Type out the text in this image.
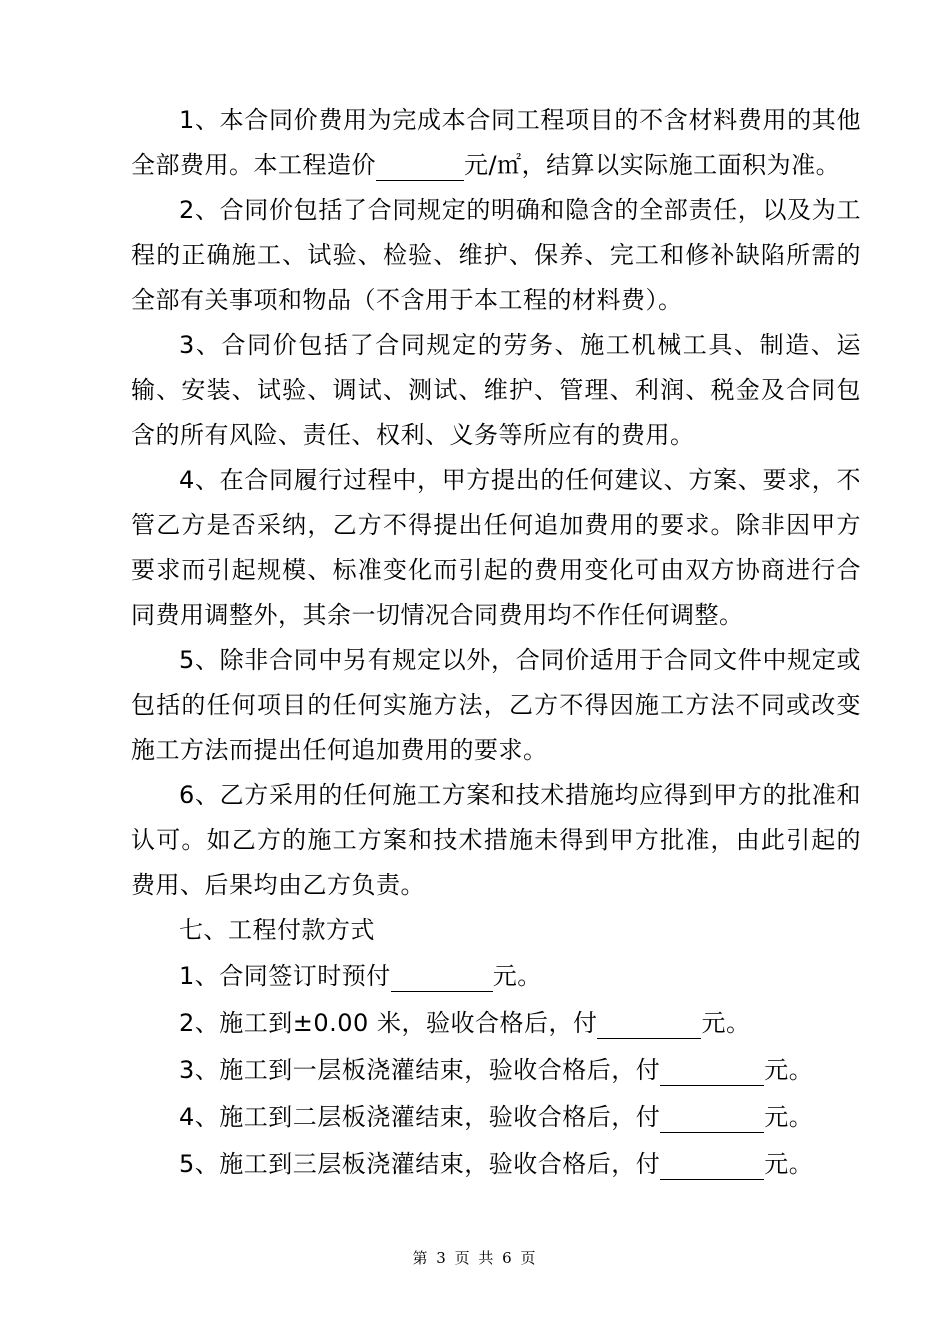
1、本合同价费用为完成本合同工程项目的不含材料费用的其他全部费用。本工程造价	元/㎡，结算以实际施工面积为准。

2、合同价包括了合同规定的明确和隐含的全部责任，以及为工程的正确施工、试验、检验、维护、保养、完工和修补缺陷所需的全部有关事项和物品（不含用于本工程的材料费）。

3、合同价包括了合同规定的劳务、施工机械工具、制造、运输、安装、试验、调试、测试、维护、管理、利润、税金及合同包含的所有风险、责任、权利、义务等所应有的费用。

4、在合同履行过程中，甲方提出的任何建议、方案、要求，不管乙方是否采纳，乙方不得提出任何追加费用的要求。除非因甲方要求而引起规模、标准变化而引起的费用变化可由双方协商进行合同费用调整外，其余一切情况合同费用均不作任何调整。

5、除非合同中另有规定以外，合同价适用于合同文件中规定或包括的任何项目的任何实施方法，乙方不得因施工方法不同或改变施工方法而提出任何追加费用的要求。

6、乙方采用的任何施工方案和技术措施均应得到甲方的批准和认可。如乙方的施工方案和技术措施未得到甲方批准，由此引起的费用、后果均由乙方负责。

七、工程付款方式

1、合同签订时预付	元。

2、施工到±0.00 米，验收合格后，付	元。

3、施工到一层板浇灌结束，验收合格后，付	元。

4、施工到二层板浇灌结束，验收合格后，付	元。

5、施工到三层板浇灌结束，验收合格后，付	元。

第 3 页 共 6 页
